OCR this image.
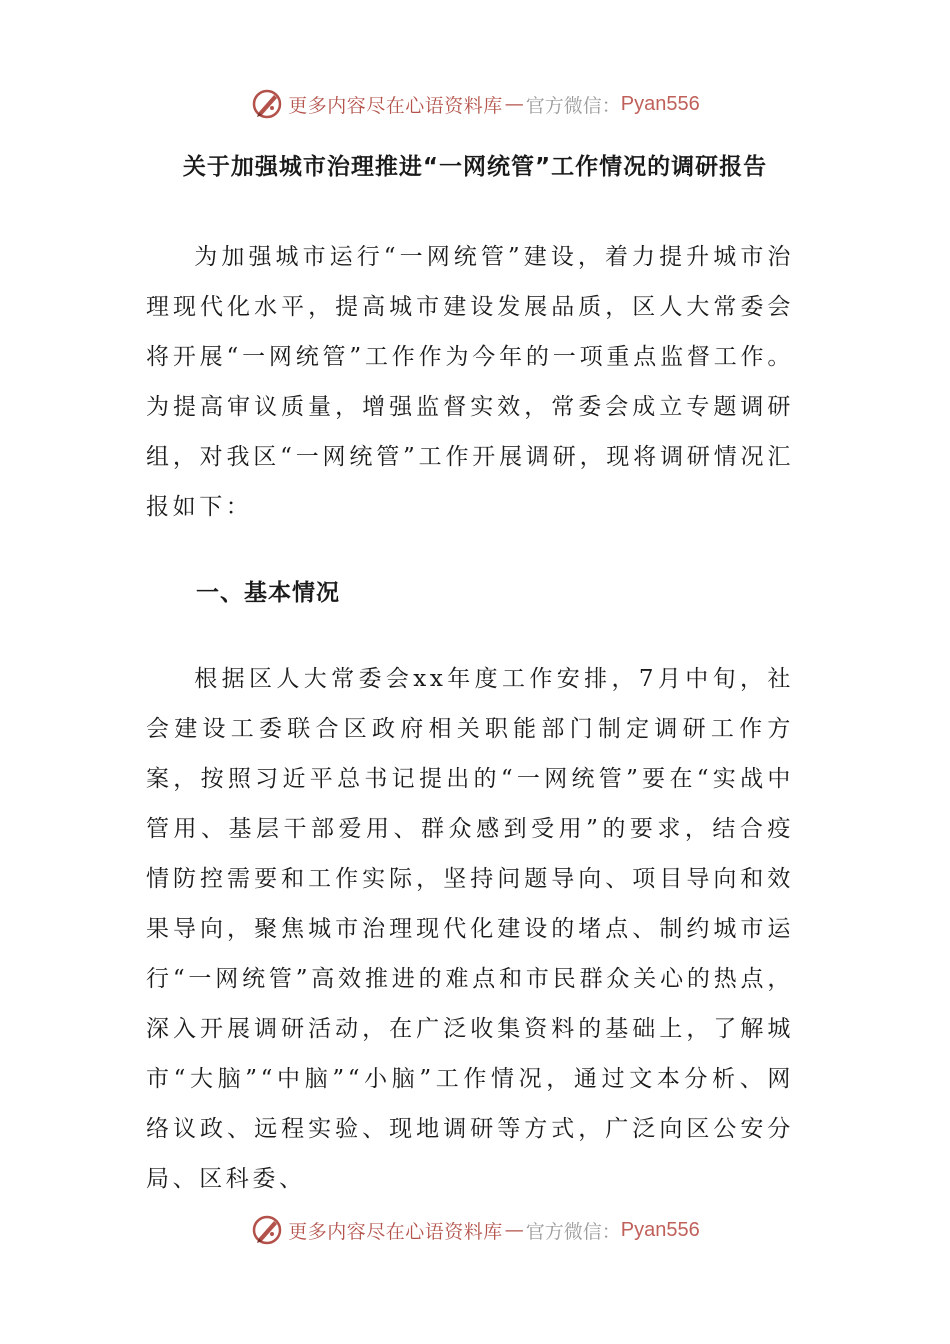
更多内容尽在心语资料库 — 官方微信： Pyan556
关于加强城市治理推进“一网统管”工作情况的调研报告

为加强城市运行“一网统管”建设，着力提升城市治理现代化水平，提高城市建设发展品质，区人大常委会将开展“一网统管”工作作为今年的一项重点监督工作。为提高审议质量，增强监督实效，常委会成立专题调研组，对我区“一网统管”工作开展调研，现将调研情况汇报如下：

一、基本情况

根据区人大常委会xx年度工作安排，7月中旬，社会建设工委联合区政府相关职能部门制定调研工作方案，按照习近平总书记提出的“一网统管”要在“实战中管用、基层干部爱用、群众感到受用”的要求，结合疫情防控需要和工作实际，坚持问题导向、项目导向和效果导向，聚焦城市治理现代化建设的堵点、制约城市运行“一网统管”高效推进的难点和市民群众关心的热点，深入开展调研活动，在广泛收集资料的基础上，了解城市“大脑”“中脑”“小脑”工作情况，通过文本分析、网络议政、远程实验、现地调研等方式，广泛向区公安分局、区科委、

更多内容尽在心语资料库 — 官方微信： Pyan556
